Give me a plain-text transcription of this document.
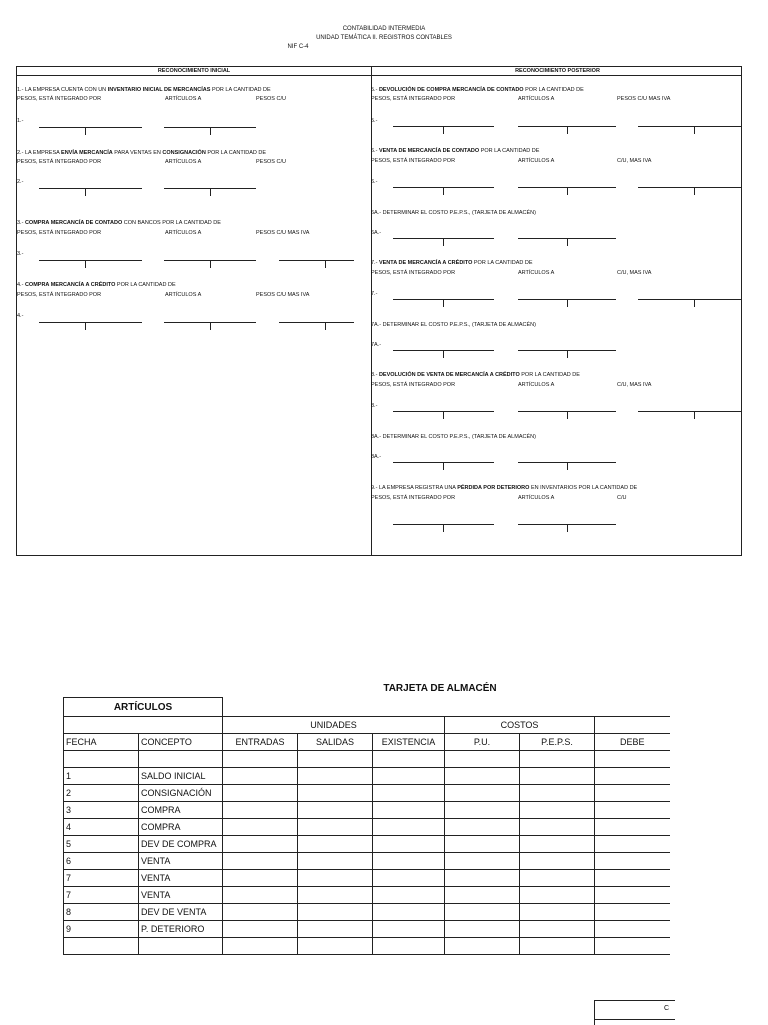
CONTABILIDAD INTERMEDIA
UNIDAD TEMÁTICA II. REGISTROS CONTABLES
NIF C-4
RECONOCIMIENTO INICIAL	RECONOCIMIENTO POSTERIOR
1.- LA EMPRESA CUENTA CON UN INVENTARIO INICIAL DE MERCANCÍAS POR LA CANTIDAD DE
PESOS, ESTÁ INTEGRADO POR	ARTÍCULOS A	PESOS C/U
1.-
2.- LA EMPRESA ENVÍA MERCANCÍA PARA VENTAS EN CONSIGNACIÓN POR LA CANTIDAD DE
PESOS, ESTÁ INTEGRADO POR	ARTÍCULOS A	PESOS C/U
2.-
3.- COMPRA MERCANCÍA DE CONTADO CON BANCOS POR LA CANTIDAD DE
PESOS, ESTÁ INTEGRADO POR	ARTÍCULOS A	PESOS C/U MAS IVA
3.-
4.- COMPRA MERCANCÍA A CRÉDITO POR LA CANTIDAD DE
PESOS, ESTÁ INTEGRADO POR	ARTÍCULOS A	PESOS C/U MAS IVA
4.-
5.- DEVOLUCIÓN DE COMPRA MERCANCÍA DE CONTADO POR LA CANTIDAD DE
PESOS, ESTÁ INTEGRADO POR	ARTÍCULOS A	PESOS C/U MAS IVA
5.-
6.- VENTA DE MERCANCÍA DE CONTADO POR LA CANTIDAD DE
PESOS, ESTÁ INTEGRADO POR	ARTÍCULOS A	C/U, MAS IVA
6.-
6A.- DETERMINAR EL COSTO P.E.P.S., (TARJETA DE ALMACÉN)
6A.-
7.- VENTA DE MERCANCÍA A CRÉDITO POR LA CANTIDAD DE
PESOS, ESTÁ INTEGRADO POR	ARTÍCULOS A	C/U, MAS IVA
7.-
7A.- DETERMINAR EL COSTO P.E.P.S., (TARJETA DE ALMACÉN)
7A.-
8.- DEVOLUCIÓN DE VENTA DE MERCANCÍA A CRÉDITO POR LA CANTIDAD DE
PESOS, ESTÁ INTEGRADO POR	ARTÍCULOS A	C/U, MAS IVA
8.-
8A.- DETERMINAR EL COSTO P.E.P.S., (TARJETA DE ALMACÉN)
8A.-
9.- LA EMPRESA REGISTRA UNA PÉRDIDA POR DETERIORO EN INVENTARIOS POR LA CANTIDAD DE
PESOS, ESTÁ INTEGRADO POR	ARTÍCULOS A	C/U
TARJETA DE ALMACÉN
ARTÍCULOS							
		UNIDADES			COSTOS		
FECHA	CONCEPTO	ENTRADAS	SALIDAS	EXISTENCIA	P.U.	P.E.P.S.	DEBE

1	SALDO INICIAL						
2	CONSIGNACIÓN						
3	COMPRA						
4	COMPRA						
5	DEV DE COMPRA						
6	VENTA						
7	VENTA						
7	VENTA						
8	DEV DE VENTA						
9	P. DETERIORO						

C
